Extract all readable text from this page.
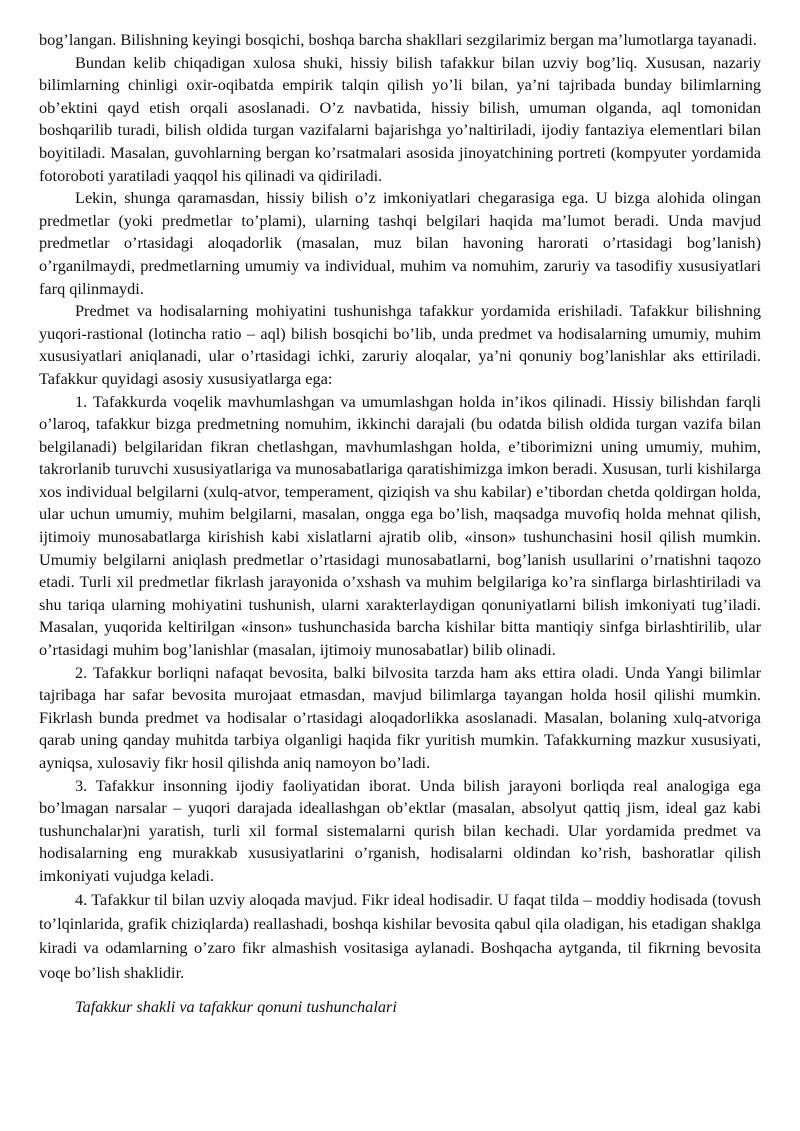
bog’langan. Bilishning keyingi bosqichi, boshqa barcha shakllari sezgilarimiz bergan ma’lumotlarga tayanadi.

Bundan kelib chiqadigan xulosa shuki, hissiy bilish tafakkur bilan uzviy bog’liq. Xususan, nazariy bilimlarning chinligi oxir-oqibatda empirik talqin qilish yo’li bilan, ya’ni tajribada bunday bilimlarning ob’ektini qayd etish orqali asoslanadi. O’z navbatida, hissiy bilish, umuman olganda, aql tomonidan boshqarilib turadi, bilish oldida turgan vazifalarni bajarishga yo’naltiriladi, ijodiy fantaziya elementlari bilan boyitiladi. Masalan, guvohlarning bergan ko’rsatmalari asosida jinoyatchining portreti (kompyuter yordamida fotoroboti yaratiladi yaqqol his qilinadi va qidiriladi.

Lekin, shunga qaramasdan, hissiy bilish o’z imkoniyatlari chegarasiga ega. U bizga alohida olingan predmetlar (yoki predmetlar to’plami), ularning tashqi belgilari haqida ma’lumot beradi. Unda mavjud predmetlar o’rtasidagi aloqadorlik (masalan, muz bilan havoning harorati o’rtasidagi bog’lanish) o’rganilmaydi, predmetlarning umumiy va individual, muhim va nomuhim, zaruriy va tasodifiy xususiyatlari farq qilinmaydi.

Predmet va hodisalarning mohiyatini tushunishga tafakkur yordamida erishiladi. Tafakkur bilishning yuqori-rastional (lotincha ratio – aql) bilish bosqichi bo’lib, unda predmet va hodisalarning umumiy, muhim xususiyatlari aniqlanadi, ular o’rtasidagi ichki, zaruriy aloqalar, ya’ni qonuniy bog’lanishlar aks ettiriladi. Tafakkur quyidagi asosiy xususiyatlarga ega:

1. Tafakkurda voqelik mavhumlashgan va umumlashgan holda in’ikos qilinadi. Hissiy bilishdan farqli o’laroq, tafakkur bizga predmetning nomuhim, ikkinchi darajali (bu odatda bilish oldida turgan vazifa bilan belgilanadi) belgilaridan fikran chetlashgan, mavhumlashgan holda, e’tiborimizni uning umumiy, muhim, takrorlanib turuvchi xususiyatlariga va munosabatlariga qaratishimizga imkon beradi. Xususan, turli kishilarga xos individual belgilarni (xulq-atvor, temperament, qiziqish va shu kabilar) e’tibordan chetda qoldirgan holda, ular uchun umumiy, muhim belgilarni, masalan, ongga ega bo’lish, maqsadga muvofiq holda mehnat qilish, ijtimoiy munosabatlarga kirishish kabi xislatlarni ajratib olib, «inson» tushunchasini hosil qilish mumkin. Umumiy belgilarni aniqlash predmetlar o’rtasidagi munosabatlarni, bog’lanish usullarini o’rnatishni taqozo etadi. Turli xil predmetlar fikrlash jarayonida o’xshash va muhim belgilariga ko’ra sinflarga birlashtiriladi va shu tariqa ularning mohiyatini tushunish, ularni xarakterlaydigan qonuniyatlarni bilish imkoniyati tug’iladi. Masalan, yuqorida keltirilgan «inson» tushunchasida barcha kishilar bitta mantiqiy sinfga birlashtirilib, ular o’rtasidagi muhim bog’lanishlar (masalan, ijtimoiy munosabatlar) bilib olinadi.

2. Tafakkur borliqni nafaqat bevosita, balki bilvosita tarzda ham aks ettira oladi. Unda Yangi bilimlar tajribaga har safar bevosita murojaat etmasdan, mavjud bilimlarga tayangan holda hosil qilishi mumkin. Fikrlash bunda predmet va hodisalar o’rtasidagi aloqadorlikka asoslanadi. Masalan, bolaning xulq-atvoriga qarab uning qanday muhitda tarbiya olganligi haqida fikr yuritish mumkin. Tafakkurning mazkur xususiyati, ayniqsa, xulosaviy fikr hosil qilishda aniq namoyon bo’ladi.

3. Tafakkur insonning ijodiy faoliyatidan iborat. Unda bilish jarayoni borliqda real analogiga ega bo’lmagan narsalar – yuqori darajada ideallashgan ob’ektlar (masalan, absolyut qattiq jism, ideal gaz kabi tushunchalar)ni yaratish, turli xil formal sistemalarni qurish bilan kechadi. Ular yordamida predmet va hodisalarning eng murakkab xususiyatlarini o’rganish, hodisalarni oldindan ko’rish, bashoratlar qilish imkoniyati vujudga keladi.

4. Tafakkur til bilan uzviy aloqada mavjud. Fikr ideal hodisadir. U faqat tilda – moddiy hodisada (tovush to’lqinlarida, grafik chiziqlarda) reallashadi, boshqa kishilar bevosita qabul qila oladigan, his etadigan shaklga kiradi va odamlarning o’zaro fikr almashish vositasiga aylanadi. Boshqacha aytganda, til fikrning bevosita voqe bo’lish shaklidir.

Tafakkur shakli va tafakkur qonuni tushunchalari
